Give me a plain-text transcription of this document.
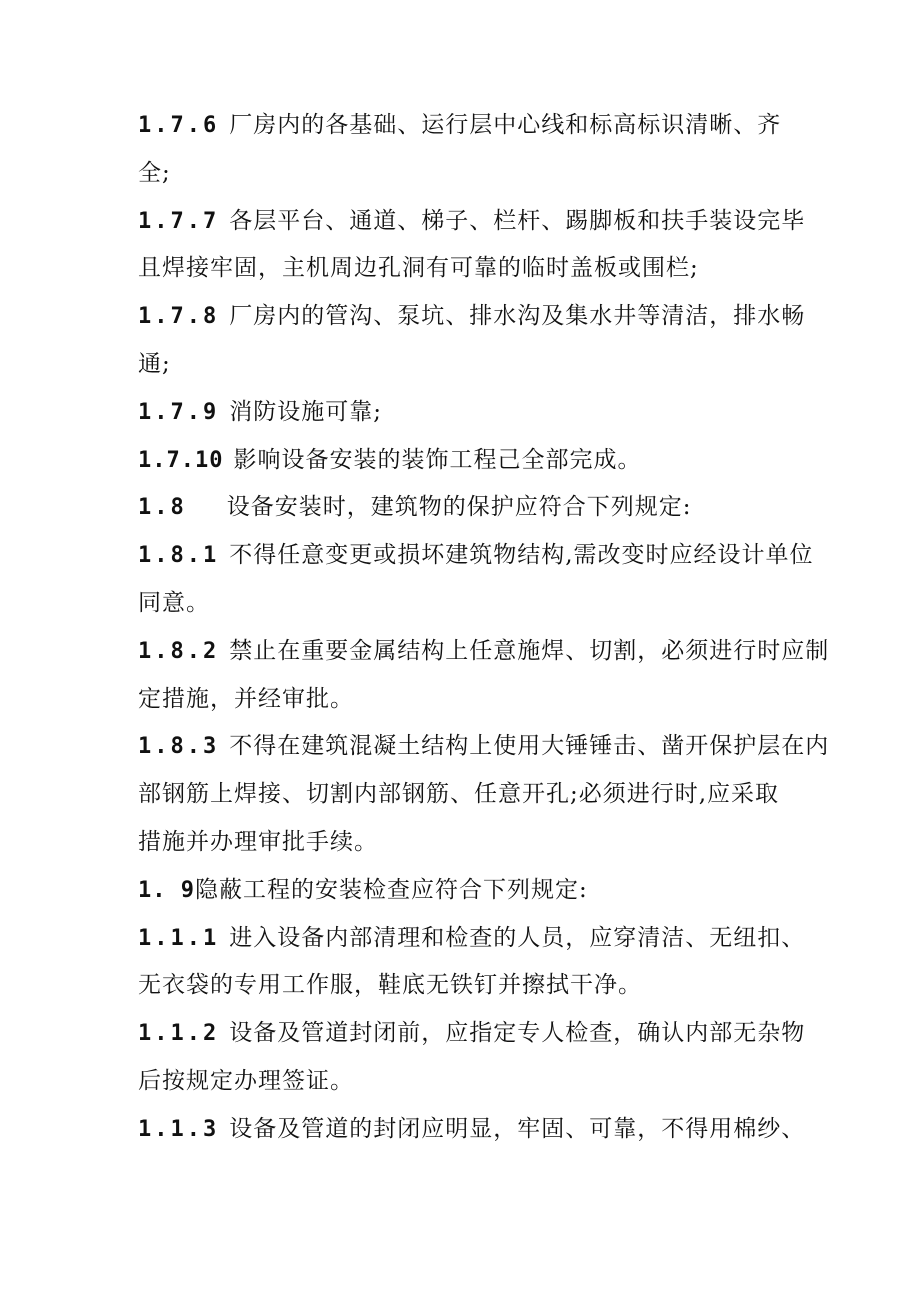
1.7.6 厂房内的各基础、运行层中心线和标高标识清晰、齐
全;
1.7.7 各层平台、通道、梯子、栏杆、踢脚板和扶手装设完毕
且焊接牢固，主机周边孔洞有可靠的临时盖板或围栏;
1.7.8 厂房内的管沟、泵坑、排水沟及集水井等清洁，排水畅
通;
1.7.9 消防设施可靠;
1.7.10 影响设备安装的装饰工程己全部完成。
1.8 设备安装时，建筑物的保护应符合下列规定:
1.8.1 不得任意变更或损坏建筑物结构,需改变时应经设计单位
同意。
1.8.2 禁止在重要金属结构上任意施焊、切割，必须进行时应制
定措施，并经审批。
1.8.3 不得在建筑混凝土结构上使用大锤锤击、凿开保护层在内
部钢筋上焊接、切割内部钢筋、任意开孔;必须进行时,应采取
措施并办理审批手续。
1. 9隐蔽工程的安装检查应符合下列规定:
1.1.1 进入设备内部清理和检查的人员，应穿清洁、无纽扣、
无衣袋的专用工作服，鞋底无铁钉并擦拭干净。
1.1.2 设备及管道封闭前，应指定专人检查，确认内部无杂物
后按规定办理签证。
1.1.3 设备及管道的封闭应明显，牢固、可靠，不得用棉纱、
